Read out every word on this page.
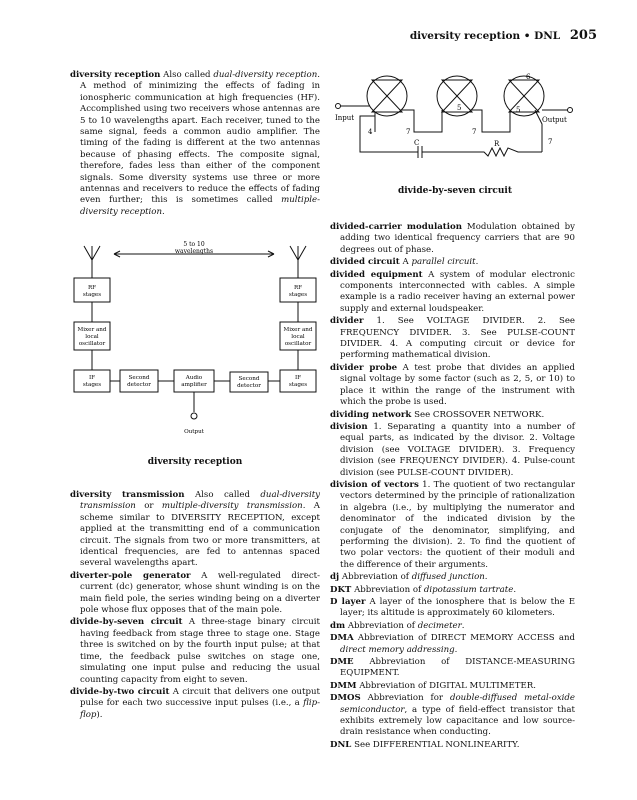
diversity reception • DNL 205

diversity reception Also called dual-diversity reception. A method of minimizing the effects of fading in ionospheric communication at high frequencies (HF). Accomplished using two receivers whose antennas are 5 to 10 wavelengths apart. Each receiver, tuned to the same signal, feeds a common audio amplifier. The timing of the fading is different at the two antennas because of phasing effects. The composite signal, therefore, fades less than either of the component signals. Some diversity systems use three or more antennas and receivers to reduce the effects of fading even further; this is sometimes called multiple-diversity reception.

5 to 10
wavelengths
RF
stages
RF
stages
Mixer and
local
oscillator
Mixer and
local
oscillator
IF
stages
IF
stages
Second
detector
Audio
amplifier
Second
detector
Output
diversity reception

diversity transmission Also called dual-diversity transmission or multiple-diversity transmission. A scheme similar to DIVERSITY RECEPTION, except applied at the transmitting end of a communication circuit. The signals from two or more transmitters, at identical frequencies, are fed to antennas spaced several wavelengths apart.

diverter-pole generator A well-regulated direct-current (dc) generator, whose shunt winding is on the main field pole, the series winding being on a diverter pole whose flux opposes that of the main pole.

divide-by-seven circuit A three-stage binary circuit having feedback from stage three to stage one. Stage three is switched on by the fourth input pulse; at that time, the feedback pulse switches on stage one, simulating one input pulse and reducing the usual counting capacity from eight to seven.

divide-by-two circuit A circuit that delivers one output pulse for each two successive input pulses (i.e., a flip-flop).

Input	Output
C	R
4	7	7
5	5
6
7
divide-by-seven circuit

divided-carrier modulation Modulation obtained by adding two identical frequency carriers that are 90 degrees out of phase.

divided circuit A parallel circuit.

divided equipment A system of modular electronic components interconnected with cables. A simple example is a radio receiver having an external power supply and external loudspeaker.

divider 1. See VOLTAGE DIVIDER. 2. See FREQUENCY DIVIDER. 3. See PULSE-COUNT DIVIDER. 4. A computing circuit or device for performing mathematical division.

divider probe A test probe that divides an applied signal voltage by some factor (such as 2, 5, or 10) to place it within the range of the instrument with which the probe is used.

dividing network See CROSSOVER NETWORK.

division 1. Separating a quantity into a number of equal parts, as indicated by the divisor. 2. Voltage division (see VOLTAGE DIVIDER). 3. Frequency division (see FREQUENCY DIVIDER). 4. Pulse-count division (see PULSE-COUNT DIVIDER).

division of vectors 1. The quotient of two rectangular vectors determined by the principle of rationalization in algebra (i.e., by multiplying the numerator and denominator of the indicated division by the conjugate of the denominator, simplifying, and performing the division). 2. To find the quotient of two polar vectors: the quotient of their moduli and the difference of their arguments.

dj Abbreviation of diffused junction.

DKT Abbreviation of dipotassium tartrate.

D layer A layer of the ionosphere that is below the E layer; its altitude is approximately 60 kilometers.

dm Abbreviation of decimeter.

DMA Abbreviation of DIRECT MEMORY ACCESS and direct memory addressing.

DME Abbreviation of DISTANCE-MEASURING EQUIPMENT.

DMM Abbreviation of DIGITAL MULTIMETER.

DMOS Abbreviation for double-diffused metal-oxide semiconductor, a type of field-effect transistor that exhibits extremely low capacitance and low source-drain resistance when conducting.

DNL See DIFFERENTIAL NONLINEARITY.
